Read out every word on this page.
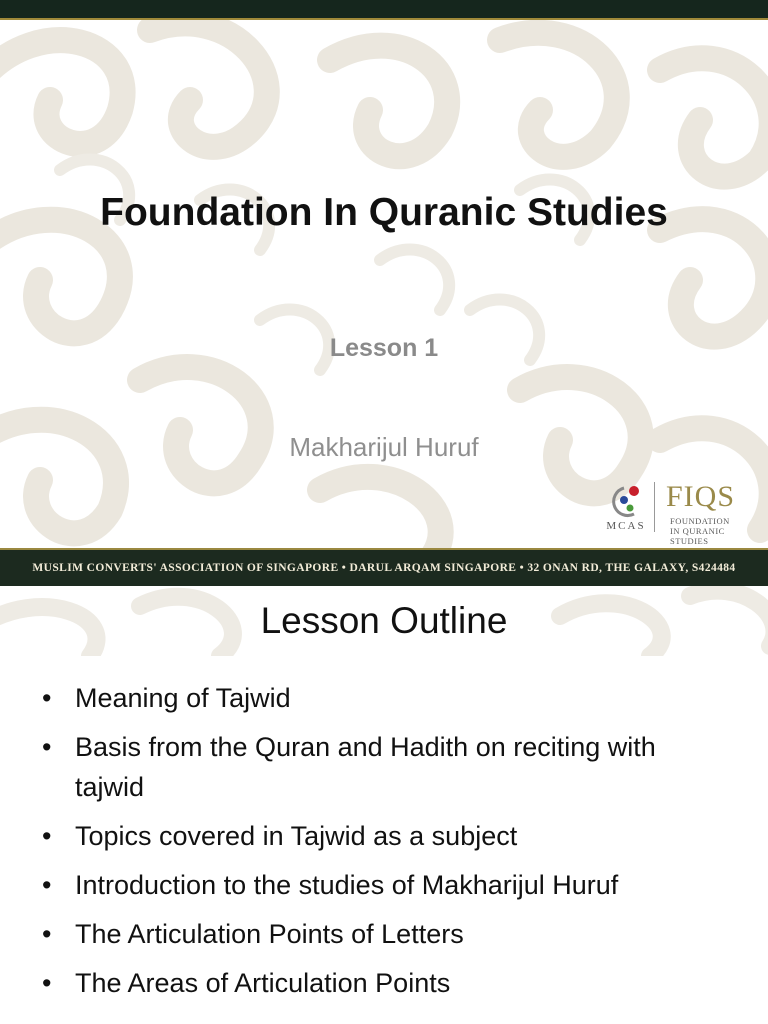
Foundation In Quranic Studies
Lesson 1
Makharijul Huruf
MCAS
FIQS
FOUNDATION
IN QURANIC STUDIES
MUSLIM CONVERTS' ASSOCIATION OF SINGAPORE • DARUL ARQAM SINGAPORE • 32 ONAN RD, THE GALAXY, S424484
Lesson Outline
• Meaning of Tajwid
• Basis from the Quran and Hadith on reciting with tajwid
• Topics covered in Tajwid as a subject
• Introduction to the studies of Makharijul Huruf
• The Articulation Points of Letters
• The Areas of Articulation Points
